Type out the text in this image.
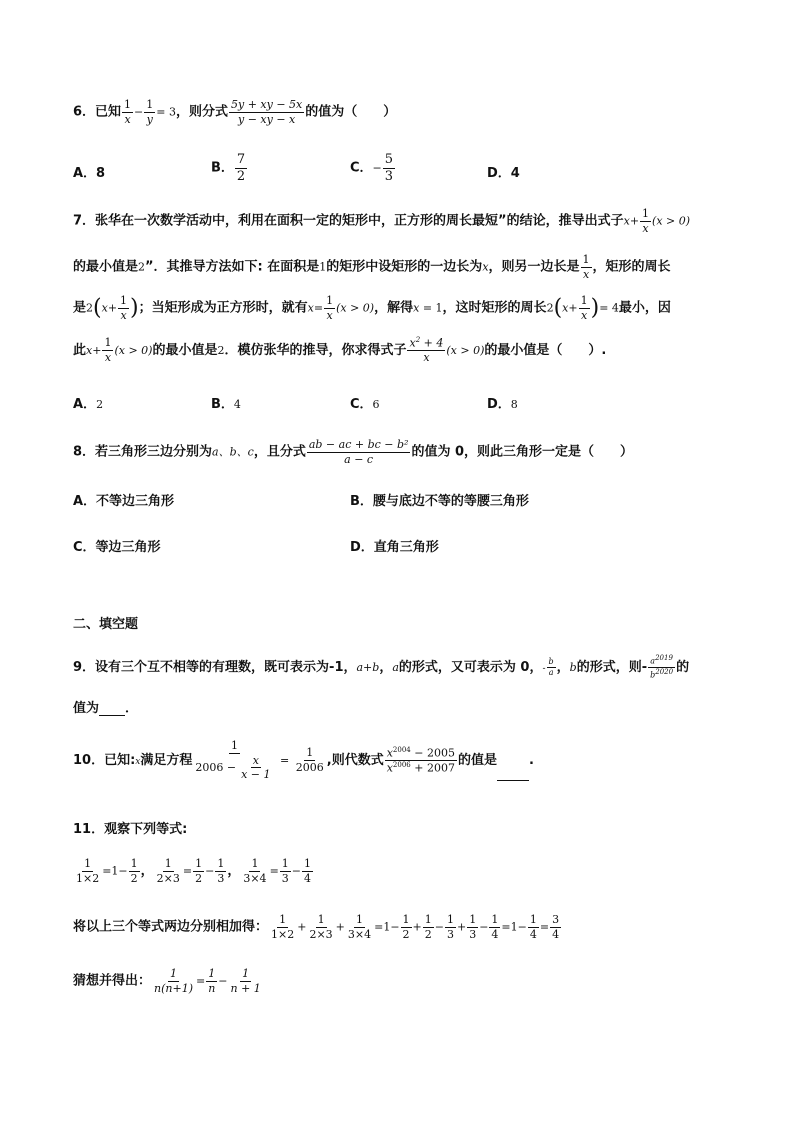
6．已知 $\frac{1}{x} - \frac{1}{y} = 3$，则分式 $\frac{5y + xy - 5x}{y - xy - x}$ 的值为（　　）
A．8	B． $\frac{7}{2}$	C．− $\frac{5}{3}$	D．4
7．张华在一次数学活动中，利用在面积一定的矩形中，正方形的周长最短”的结论，推导出式子$x+ \frac{1}{x} (x > 0)$
的最小值是2”．其推导方法如下: 在面积是1的矩形中设矩形的一边长为x，则另一边长是 $\frac{1}{x}$ ，矩形的周长
是$2(x+ \frac{1}{x}$ )；当矩形成为正方形时，就有$x= \frac{1}{x} (x > 0)$，解得x = 1，这时矩形的周长$2(x+ \frac{1}{x}$ )= 4最小，因
此$x+ \frac{1}{x} (x > 0)$的最小值是2．模仿张华的推导，你求得式子 $\frac{x^2 + 4}{x} (x > 0)$的最小值是（　　）.
A．2	B．4	C．6	D．8
8．若三角形三边分别为a、b、c，且分式 $\frac{\text{ab − ac + bc − b²}}{a - c}$ 的值为 0，则此三角形一定是（　　）
A．不等边三角形	B．腰与底边不等的等腰三角形
C．等边三角形	D．直角三角形
二、填空题
9．设有三个互不相等的有理数，既可表示为-1，a+b，a的形式，又可表示为 0，- $\frac{b}{a}$ ，b的形式，则- $\frac{a^{2019}}{b^{2020}}$ 的
值为 ．
10．已知:x满足方程 $\frac{1}{2006 - \frac{x}{x - 1}} = \frac{1}{2006}$ ,则代数式 $\frac{x^{2004} - 2005}{x^{2006} + 2007}$ 的值是 .
11．观察下列等式:
$\frac{1}{1\times 2} =1- \frac{1}{2}$ ， $\frac{1}{2\times 3} = \frac{1}{2} - \frac{1}{3}$ ， $\frac{1}{3\times 4} = \frac{1}{3} - \frac{1}{4}$
将以上三个等式两边分别相加得： $\frac{1}{1\times 2} + \frac{1}{2\times 3} + \frac{1}{3\times 4} =1- \frac{1}{2} + \frac{1}{2} - \frac{1}{3} + \frac{1}{3} - \frac{1}{4} =1- \frac{1}{4} = \frac{3}{4}$
猜想并得出： $\frac{1}{n(n+1)} = \frac{1}{n} - \frac{1}{n + 1}$
